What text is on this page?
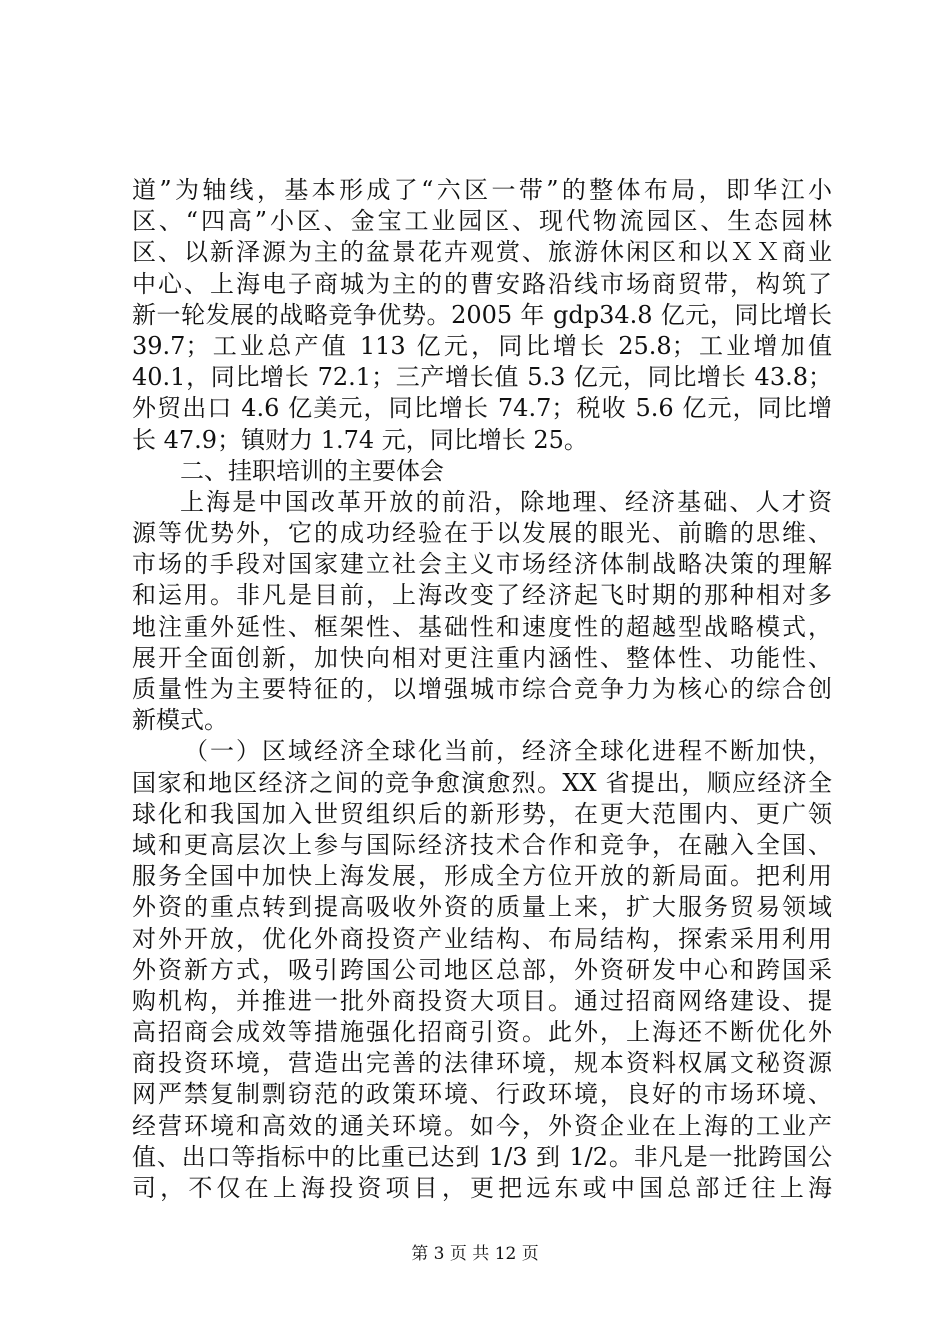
道”为轴线，基本形成了“六区一带”的整体布局，即华江小
区、“四高”小区、金宝工业园区、现代物流园区、生态园林
区、以新泽源为主的盆景花卉观赏、旅游休闲区和以ＸＸ商业
中心、上海电子商城为主的的曹安路沿线市场商贸带，构筑了
新一轮发展的战略竞争优势。2005 年 gdp34.8 亿元，同比增长
39.7；工业总产值 113 亿元，同比增长 25.8；工业增加值
40.1，同比增长 72.1；三产增长值 5.3 亿元，同比增长 43.8；
外贸出口 4.6 亿美元，同比增长 74.7；税收 5.6 亿元，同比增
长 47.9；镇财力 1.74 元，同比增长 25。
二、挂职培训的主要体会
上海是中国改革开放的前沿，除地理、经济基础、人才资
源等优势外，它的成功经验在于以发展的眼光、前瞻的思维、
市场的手段对国家建立社会主义市场经济体制战略决策的理解
和运用。非凡是目前，上海改变了经济起飞时期的那种相对多
地注重外延性、框架性、基础性和速度性的超越型战略模式，
展开全面创新，加快向相对更注重内涵性、整体性、功能性、
质量性为主要特征的，以增强城市综合竞争力为核心的综合创
新模式。
（一）区域经济全球化当前，经济全球化进程不断加快，
国家和地区经济之间的竞争愈演愈烈。XX 省提出，顺应经济全
球化和我国加入世贸组织后的新形势，在更大范围内、更广领
域和更高层次上参与国际经济技术合作和竞争，在融入全国、
服务全国中加快上海发展，形成全方位开放的新局面。把利用
外资的重点转到提高吸收外资的质量上来，扩大服务贸易领域
对外开放，优化外商投资产业结构、布局结构，探索采用利用
外资新方式，吸引跨国公司地区总部，外资研发中心和跨国采
购机构，并推进一批外商投资大项目。通过招商网络建设、提
高招商会成效等措施强化招商引资。此外，上海还不断优化外
商投资环境，营造出完善的法律环境，规本资料权属文秘资源
网严禁复制剽窃范的政策环境、行政环境，良好的市场环境、
经营环境和高效的通关环境。如今，外资企业在上海的工业产
值、出口等指标中的比重已达到 1/3 到 1/2。非凡是一批跨国公
司，不仅在上海投资项目，更把远东或中国总部迁往上海
第 3 页 共 12 页
